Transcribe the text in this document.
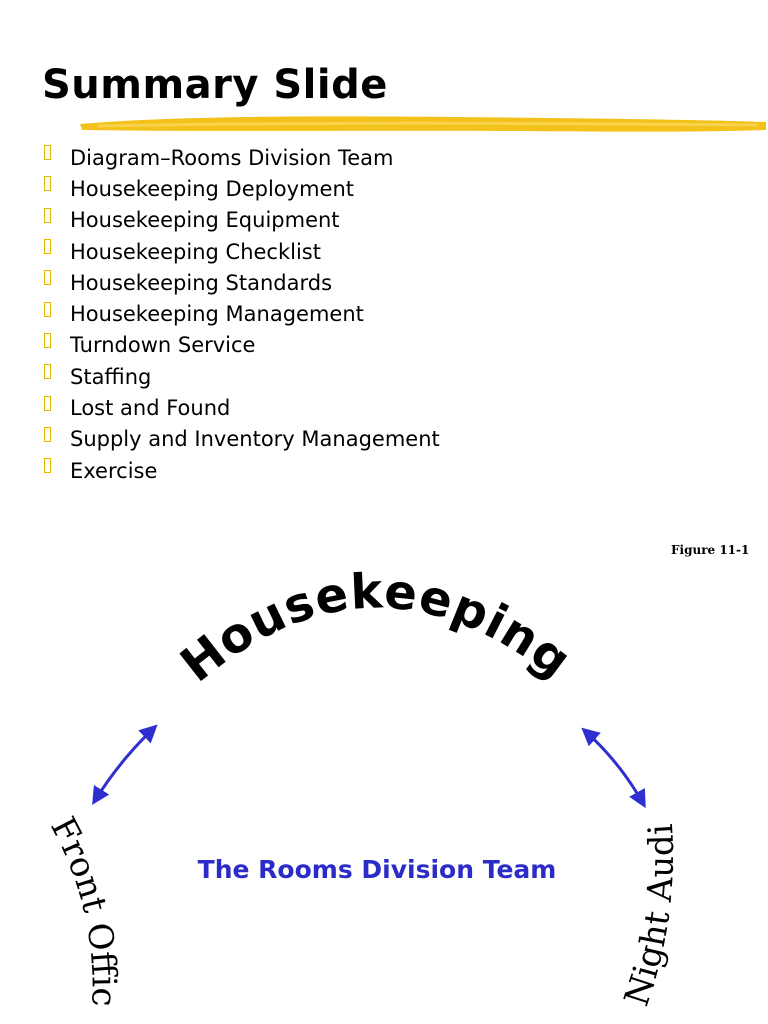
Summary Slide
Diagram–Rooms Division Team
Housekeeping Deployment
Housekeeping Equipment
Housekeeping Checklist
Housekeeping Standards
Housekeeping Management
Turndown Service
Staffing
Lost and Found
Supply and Inventory Management
Exercise
Figure 11-1
Housekeeping
Front Office
Night Audi
The Rooms Division Team
